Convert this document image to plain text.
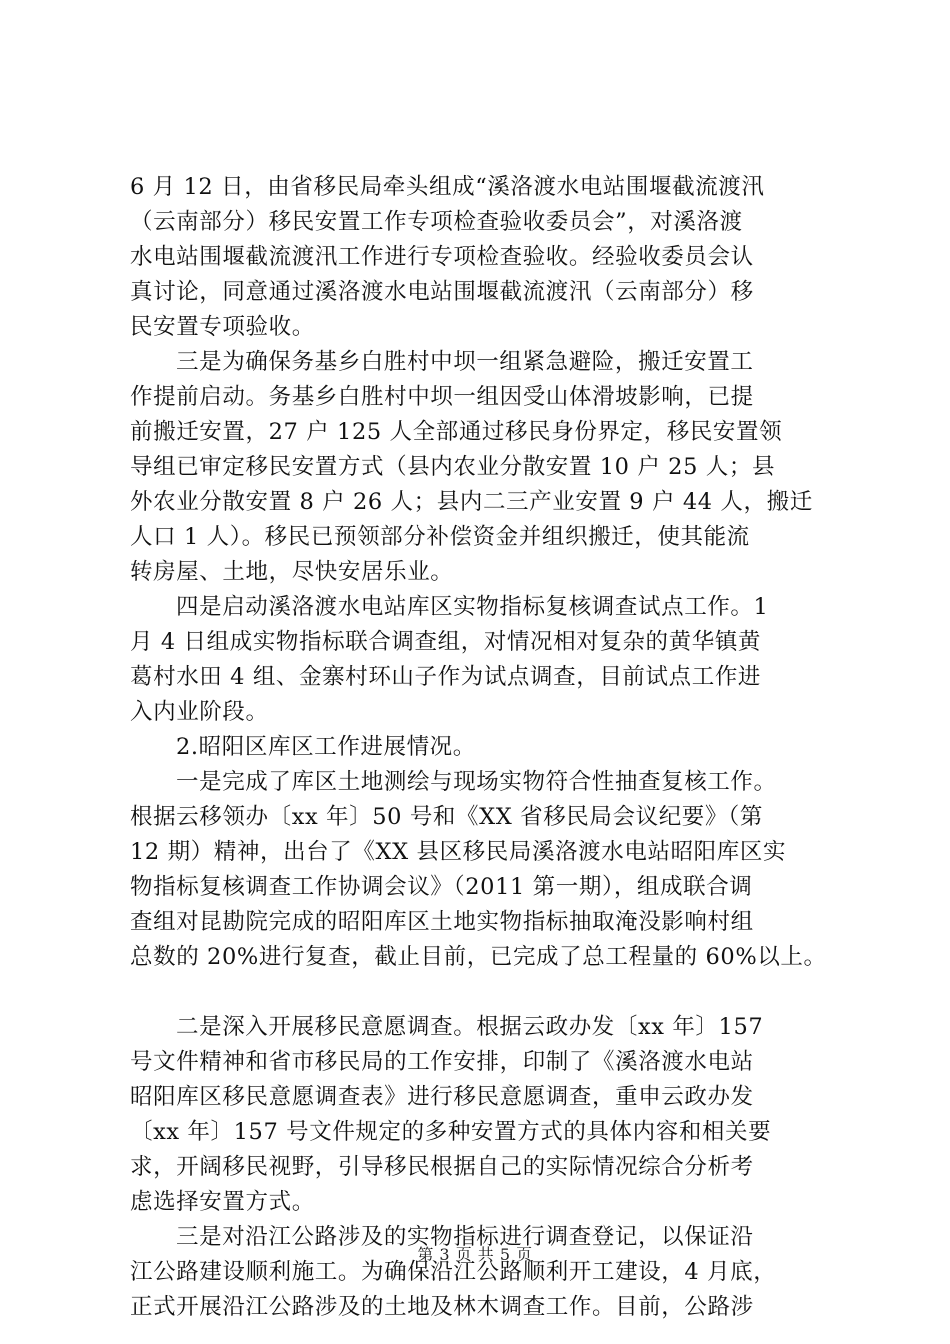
6 月 12 日，由省移民局牵头组成“溪洛渡水电站围堰截流渡汛
（云南部分）移民安置工作专项检查验收委员会”，对溪洛渡
水电站围堰截流渡汛工作进行专项检查验收。经验收委员会认
真讨论，同意通过溪洛渡水电站围堰截流渡汛（云南部分）移
民安置专项验收。
三是为确保务基乡白胜村中坝一组紧急避险，搬迁安置工
作提前启动。务基乡白胜村中坝一组因受山体滑坡影响，已提
前搬迁安置，27 户 125 人全部通过移民身份界定，移民安置领
导组已审定移民安置方式（县内农业分散安置 10 户 25 人；县
外农业分散安置 8 户 26 人；县内二三产业安置 9 户 44 人，搬迁
人口 1 人）。移民已预领部分补偿资金并组织搬迁，使其能流
转房屋、土地，尽快安居乐业。
四是启动溪洛渡水电站库区实物指标复核调查试点工作。1
月 4 日组成实物指标联合调查组，对情况相对复杂的黄华镇黄
葛村水田 4 组、金寨村环山子作为试点调查，目前试点工作进
入内业阶段。
2.昭阳区库区工作进展情况。
一是完成了库区土地测绘与现场实物符合性抽查复核工作。
根据云移领办〔xx 年〕50 号和《XX 省移民局会议纪要》（第
12 期）精神，出台了《XX 县区移民局溪洛渡水电站昭阳库区实
物指标复核调查工作协调会议》（2011 第一期），组成联合调
查组对昆勘院完成的昭阳库区土地实物指标抽取淹没影响村组
总数的 20%进行复查，截止目前，已完成了总工程量的 60%以上。
二是深入开展移民意愿调查。根据云政办发〔xx 年〕157
号文件精神和省市移民局的工作安排，印制了《溪洛渡水电站
昭阳库区移民意愿调查表》进行移民意愿调查，重申云政办发
〔xx 年〕157 号文件规定的多种安置方式的具体内容和相关要
求，开阔移民视野，引导移民根据自己的实际情况综合分析考
虑选择安置方式。
三是对沿江公路涉及的实物指标进行调查登记，以保证沿
江公路建设顺利施工。为确保沿江公路顺利开工建设，4 月底，
正式开展沿江公路涉及的土地及林木调查工作。目前，公路涉
第 3 页 共 5 页
